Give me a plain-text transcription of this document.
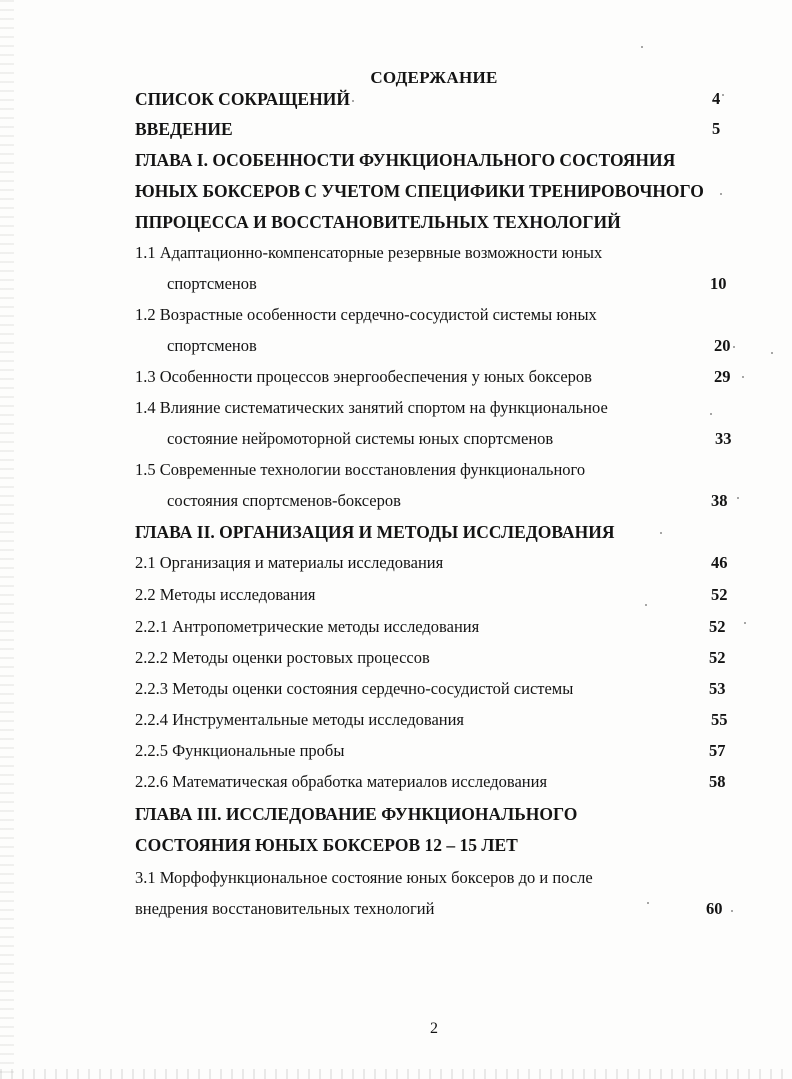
СОДЕРЖАНИЕ
СПИСОК СОКРАЩЕНИЙ	4
ВВЕДЕНИЕ	5
ГЛАВА I. ОСОБЕННОСТИ ФУНКЦИОНАЛЬНОГО СОСТОЯНИЯ
ЮНЫХ БОКСЕРОВ С УЧЕТОМ СПЕЦИФИКИ ТРЕНИРОВОЧНОГО
ППРОЦЕССА И ВОССТАНОВИТЕЛЬНЫХ ТЕХНОЛОГИЙ
1.1 Адаптационно-компенсаторные резервные возможности юных
спортсменов	10
1.2 Возрастные особенности сердечно-сосудистой системы юных
спортсменов	20
1.3 Особенности процессов энергообеспечения у юных боксеров	29
1.4 Влияние систематических занятий спортом на функциональное
состояние нейромоторной системы юных спортсменов	33
1.5 Современные технологии восстановления функционального
состояния спортсменов-боксеров	38
ГЛАВА II. ОРГАНИЗАЦИЯ И МЕТОДЫ ИССЛЕДОВАНИЯ
2.1 Организация и материалы исследования	46
2.2 Методы исследования	52
2.2.1 Антропометрические методы исследования	52
2.2.2 Методы оценки ростовых процессов	52
2.2.3 Методы оценки состояния сердечно-сосудистой системы	53
2.2.4 Инструментальные методы исследования	55
2.2.5 Функциональные пробы	57
2.2.6 Математическая обработка материалов исследования	58
ГЛАВА III. ИССЛЕДОВАНИЕ ФУНКЦИОНАЛЬНОГО
СОСТОЯНИЯ ЮНЫХ БОКСЕРОВ 12 – 15 ЛЕТ
3.1 Морфофункциональное состояние юных боксеров до и после
внедрения восстановительных технологий	60
2
